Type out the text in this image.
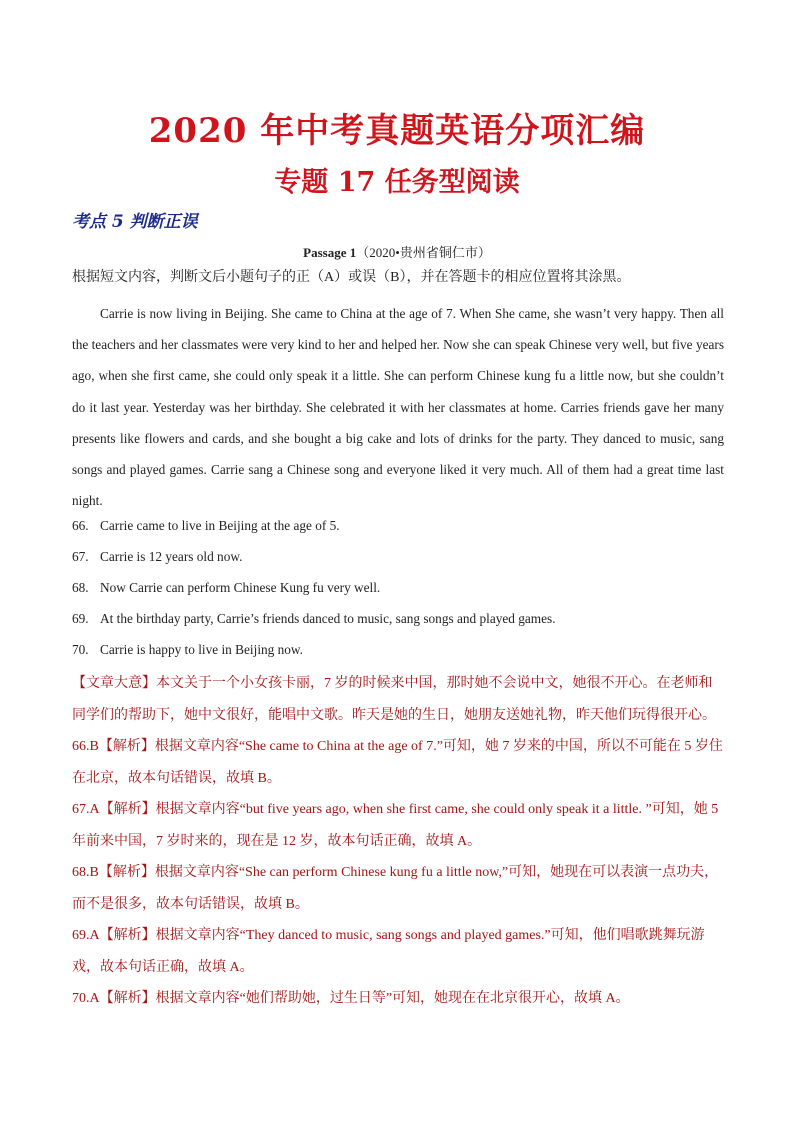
2020 年中考真题英语分项汇编
专题 17 任务型阅读
考点 5 判断正误
Passage 1（2020•贵州省铜仁市）
根据短文内容，判断文后小题句子的正（A）或误（B），并在答题卡的相应位置将其涂黑。
Carrie is now living in Beijing. She came to China at the age of 7. When She came, she wasn’t very happy. Then all the teachers and her classmates were very kind to her and helped her. Now she can speak Chinese very well, but five years ago, when she first came, she could only speak it a little. She can perform Chinese kung fu a little now, but she couldn’t do it last year. Yesterday was her birthday. She celebrated it with her classmates at home. Carries friends gave her many presents like flowers and cards, and she bought a big cake and lots of drinks for the party. They danced to music, sang songs and played games. Carrie sang a Chinese song and everyone liked it very much. All of them had a great time last night.
66. Carrie came to live in Beijing at the age of 5.
67. Carrie is 12 years old now.
68. Now Carrie can perform Chinese Kung fu very well.
69. At the birthday party, Carrie’s friends danced to music, sang songs and played games.
70. Carrie is happy to live in Beijing now.

【文章大意】本文关于一个小女孩卡丽，7 岁的时候来中国，那时她不会说中文，她很不开心。在老师和同学们的帮助下，她中文很好，能唱中文歌。昨天是她的生日，她朋友送她礼物，昨天他们玩得很开心。

66.B【解析】根据文章内容“She came to China at the age of 7.”可知，她 7 岁来的中国，所以不可能在 5 岁住在北京，故本句话错误，故填 B。

67.A【解析】根据文章内容“but five years ago, when she first came, she could only speak it a little. ”可知，她 5 年前来中国，7 岁时来的，现在是 12 岁，故本句话正确，故填 A。

68.B【解析】根据文章内容“She can perform Chinese kung fu a little now,”可知，她现在可以表演一点功夫，而不是很多，故本句话错误，故填 B。

69.A【解析】根据文章内容“They danced to music, sang songs and played games.”可知，他们唱歌跳舞玩游戏，故本句话正确，故填 A。

70.A【解析】根据文章内容“她们帮助她，过生日等”可知，她现在在北京很开心，故填 A。
